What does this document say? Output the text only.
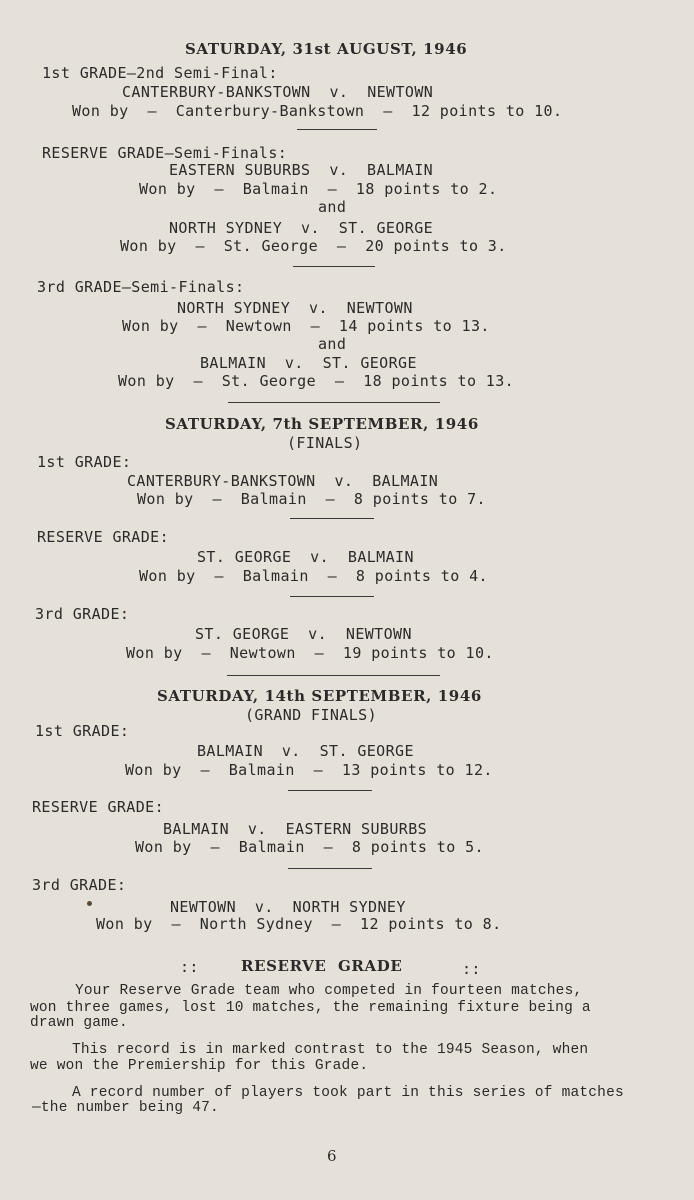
SATURDAY, 31st AUGUST, 1946
1st GRADE—2nd Semi-Final:
CANTERBURY-BANKSTOWN  v.  NEWTOWN
Won by  —  Canterbury-Bankstown  —  12 points to 10.
RESERVE GRADE—Semi-Finals:
EASTERN SUBURBS  v.  BALMAIN
Won by  —  Balmain  —  18 points to 2.
and
NORTH SYDNEY  v.  ST. GEORGE
Won by  —  St. George  —  20 points to 3.
3rd GRADE—Semi-Finals:
NORTH SYDNEY  v.  NEWTOWN
Won by  —  Newtown  —  14 points to 13.
and
BALMAIN  v.  ST. GEORGE
Won by  —  St. George  —  18 points to 13.
SATURDAY, 7th SEPTEMBER, 1946
(FINALS)
1st GRADE:
CANTERBURY-BANKSTOWN  v.  BALMAIN
Won by  —  Balmain  —  8 points to 7.
RESERVE GRADE:
ST. GEORGE  v.  BALMAIN
Won by  —  Balmain  —  8 points to 4.
3rd GRADE:
ST. GEORGE  v.  NEWTOWN
Won by  —  Newtown  —  19 points to 10.
SATURDAY, 14th SEPTEMBER, 1946
(GRAND FINALS)
1st GRADE:
BALMAIN  v.  ST. GEORGE
Won by  —  Balmain  —  13 points to 12.
RESERVE GRADE:
BALMAIN  v.  EASTERN SUBURBS
Won by  —  Balmain  —  8 points to 5.
3rd GRADE:
NEWTOWN  v.  NORTH SYDNEY
Won by  —  North Sydney  —  12 points to 8.
::	RESERVE  GRADE	::
Your Reserve Grade team who competed in fourteen matches,
won three games, lost 10 matches, the remaining fixture being a
drawn game.
This record is in marked contrast to the 1945 Season, when
we won the Premiership for this Grade.
A record number of players took part in this series of matches
—the number being 47.
6
